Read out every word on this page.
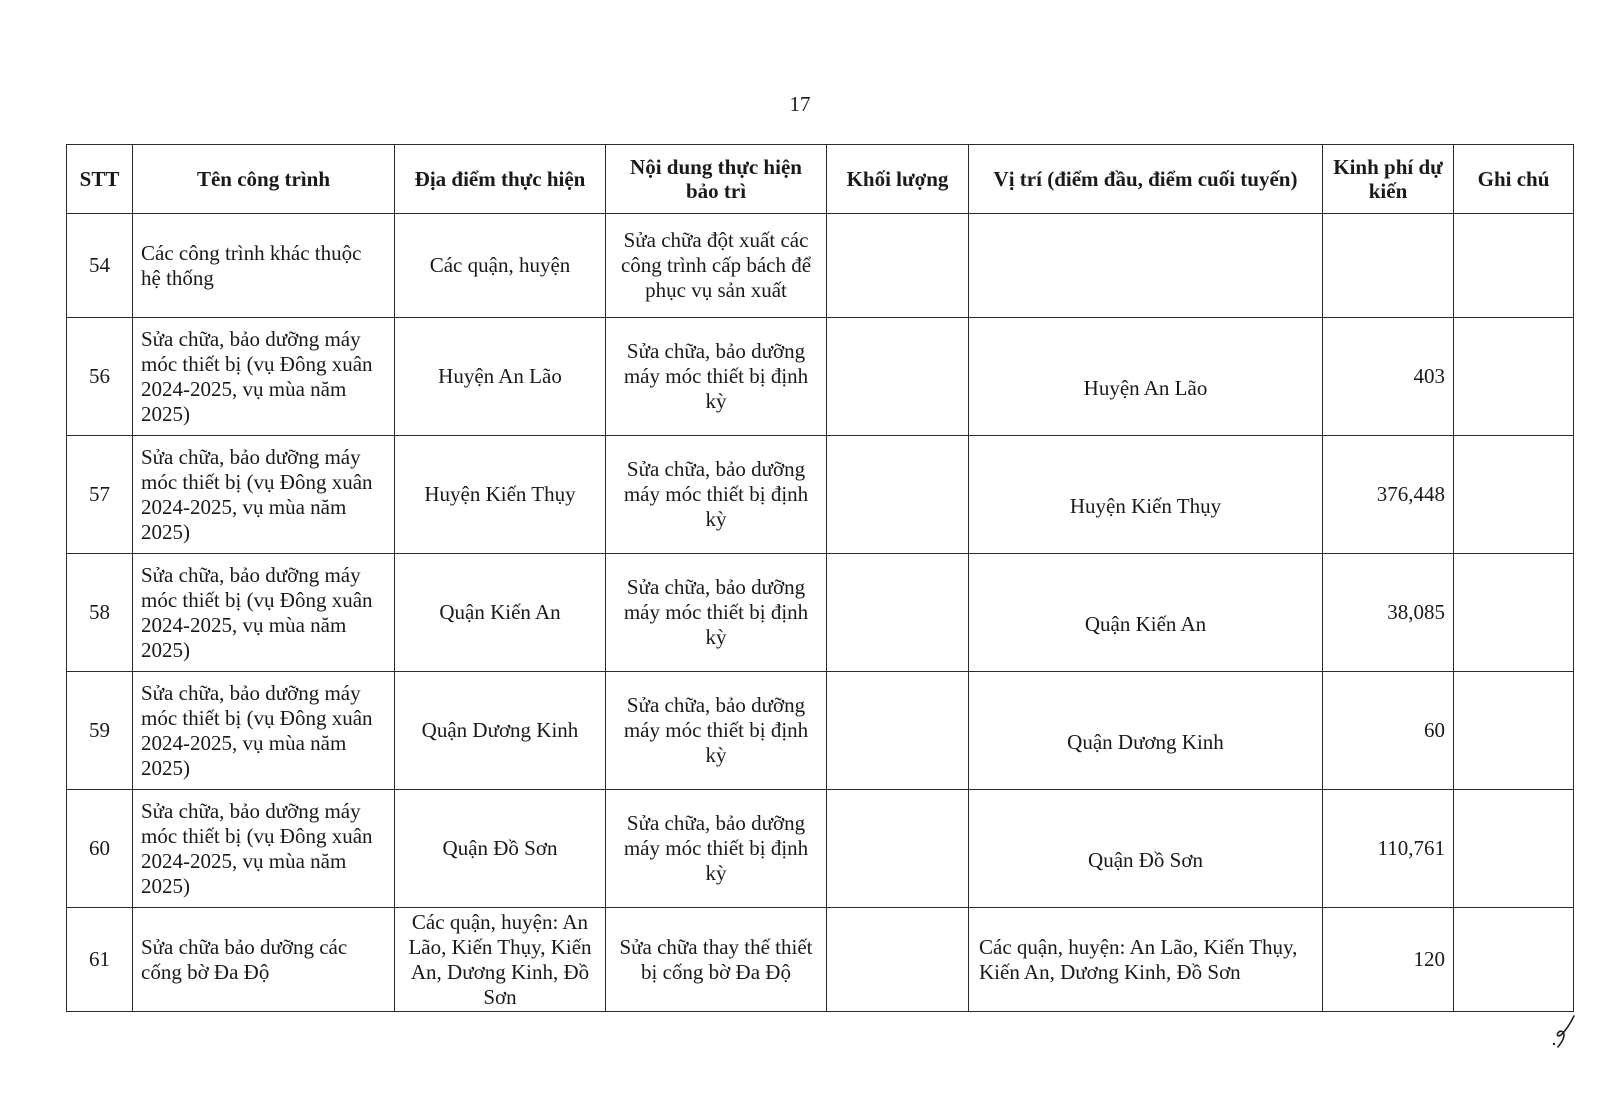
17
STT	Tên công trình	Địa điểm thực hiện	Nội dung thực hiện bảo trì	Khối lượng	Vị trí (điểm đầu, điểm cuối tuyến)	Kinh phí dự kiến	Ghi chú
54	Các công trình khác thuộc hệ thống	Các quận, huyện	Sửa chữa đột xuất các công trình cấp bách để phục vụ sản xuất				
56	Sửa chữa, bảo dưỡng máy móc thiết bị (vụ Đông xuân 2024-2025, vụ mùa năm 2025)	Huyện An Lão	Sửa chữa, bảo dưỡng máy móc thiết bị định kỳ		Huyện An Lão	403	
57	Sửa chữa, bảo dưỡng máy móc thiết bị (vụ Đông xuân 2024-2025, vụ mùa năm 2025)	Huyện Kiến Thụy	Sửa chữa, bảo dưỡng máy móc thiết bị định kỳ		Huyện Kiến Thụy	376,448	
58	Sửa chữa, bảo dưỡng máy móc thiết bị (vụ Đông xuân 2024-2025, vụ mùa năm 2025)	Quận Kiến An	Sửa chữa, bảo dưỡng máy móc thiết bị định kỳ		Quận Kiến An	38,085	
59	Sửa chữa, bảo dưỡng máy móc thiết bị (vụ Đông xuân 2024-2025, vụ mùa năm 2025)	Quận Dương Kinh	Sửa chữa, bảo dưỡng máy móc thiết bị định kỳ		Quận Dương Kinh	60	
60	Sửa chữa, bảo dưỡng máy móc thiết bị (vụ Đông xuân 2024-2025, vụ mùa năm 2025)	Quận Đồ Sơn	Sửa chữa, bảo dưỡng máy móc thiết bị định kỳ		Quận Đồ Sơn	110,761	
61	Sửa chữa bảo dưỡng các cống bờ Đa Độ	Các quận, huyện: An Lão, Kiến Thụy, Kiến An, Dương Kinh, Đồ Sơn	Sửa chữa thay thế thiết bị cống bờ Đa Độ		Các quận, huyện: An Lão, Kiến Thụy, Kiến An, Dương Kinh, Đồ Sơn	120	
